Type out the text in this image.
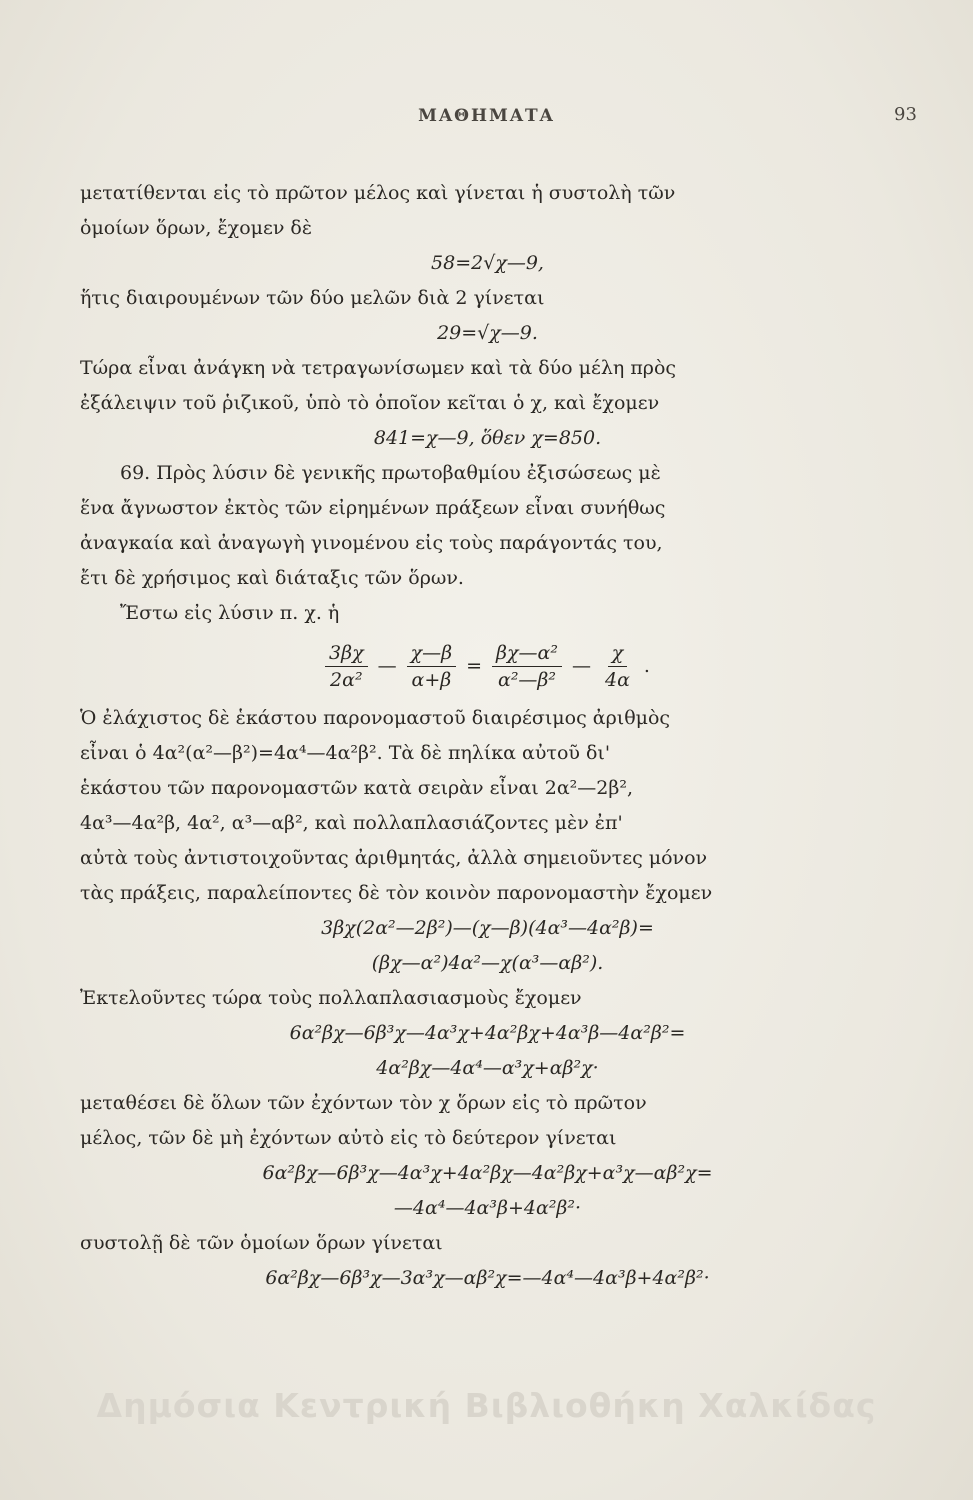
ΜΑΘΗΜΑΤΑ	93
μετατίθενται εἰς τὸ πρῶτον μέλος καὶ γίνεται ἡ συστολὴ τῶν
ὁμοίων ὅρων, ἔχομεν δὲ
58=2√χ—9,
ἥτις διαιρουμένων τῶν δύο μελῶν διὰ 2 γίνεται
29=√χ—9.
Τώρα εἶναι ἀνάγκη νὰ τετραγωνίσωμεν καὶ τὰ δύο μέλη πρὸς
ἐξάλειψιν τοῦ ῥιζικοῦ, ὑπὸ τὸ ὁποῖον κεῖται ὁ χ, καὶ ἔχομεν
841=χ—9, ὅθεν χ=850.
69. Πρὸς λύσιν δὲ γενικῆς πρωτοβαθμίου ἐξισώσεως μὲ
ἕνα ἄγνωστον ἐκτὸς τῶν εἰρημένων πράξεων εἶναι συνήθως
ἀναγκαία καὶ ἀναγωγὴ γινομένου εἰς τοὺς παράγοντάς του,
ἔτι δὲ χρήσιμος καὶ διάταξις τῶν ὅρων.
Ἔστω εἰς λύσιν π. χ. ἡ
$\frac{3\beta\chi}{\text{2α²}}$ — $\frac{\chi—\beta}{\alpha+\beta} = \frac{\text{βχ—α²}}{\text{α²—β²}}$ — $\frac{\chi}{4\alpha}$ .
Ὁ ἐλάχιστος δὲ ἑκάστου παρονομαστοῦ διαιρέσιμος ἀριθμὸς
εἶναι ὁ 4α²(α²—β²)=4α⁴—4α²β². Τὰ δὲ πηλίκα αὐτοῦ δι'
ἑκάστου τῶν παρονομαστῶν κατὰ σειρὰν εἶναι 2α²—2β²,
4α³—4α²β, 4α², α³—αβ², καὶ πολλαπλασιάζοντες μὲν ἐπ'
αὐτὰ τοὺς ἀντιστοιχοῦντας ἀριθμητάς, ἀλλὰ σημειοῦντες μόνον
τὰς πράξεις, παραλείποντες δὲ τὸν κοινὸν παρονομαστὴν ἔχομεν
3βχ(2α²—2β²)—(χ—β)(4α³—4α²β)=
(βχ—α²)4α²—χ(α³—αβ²).
Ἐκτελοῦντες τώρα τοὺς πολλαπλασιασμοὺς ἔχομεν
6α²βχ—6β³χ—4α³χ+4α²βχ+4α³β—4α²β²=
4α²βχ—4α⁴—α³χ+αβ²χ·
μεταθέσει δὲ ὅλων τῶν ἐχόντων τὸν χ ὅρων εἰς τὸ πρῶτον
μέλος, τῶν δὲ μὴ ἐχόντων αὐτὸ εἰς τὸ δεύτερον γίνεται
6α²βχ—6β³χ—4α³χ+4α²βχ—4α²βχ+α³χ—αβ²χ=
—4α⁴—4α³β+4α²β²·
συστολῇ δὲ τῶν ὁμοίων ὅρων γίνεται
6α²βχ—6β³χ—3α³χ—αβ²χ=—4α⁴—4α³β+4α²β²·
Δημόσια Κεντρική Βιβλιοθήκη Χαλκίδας
